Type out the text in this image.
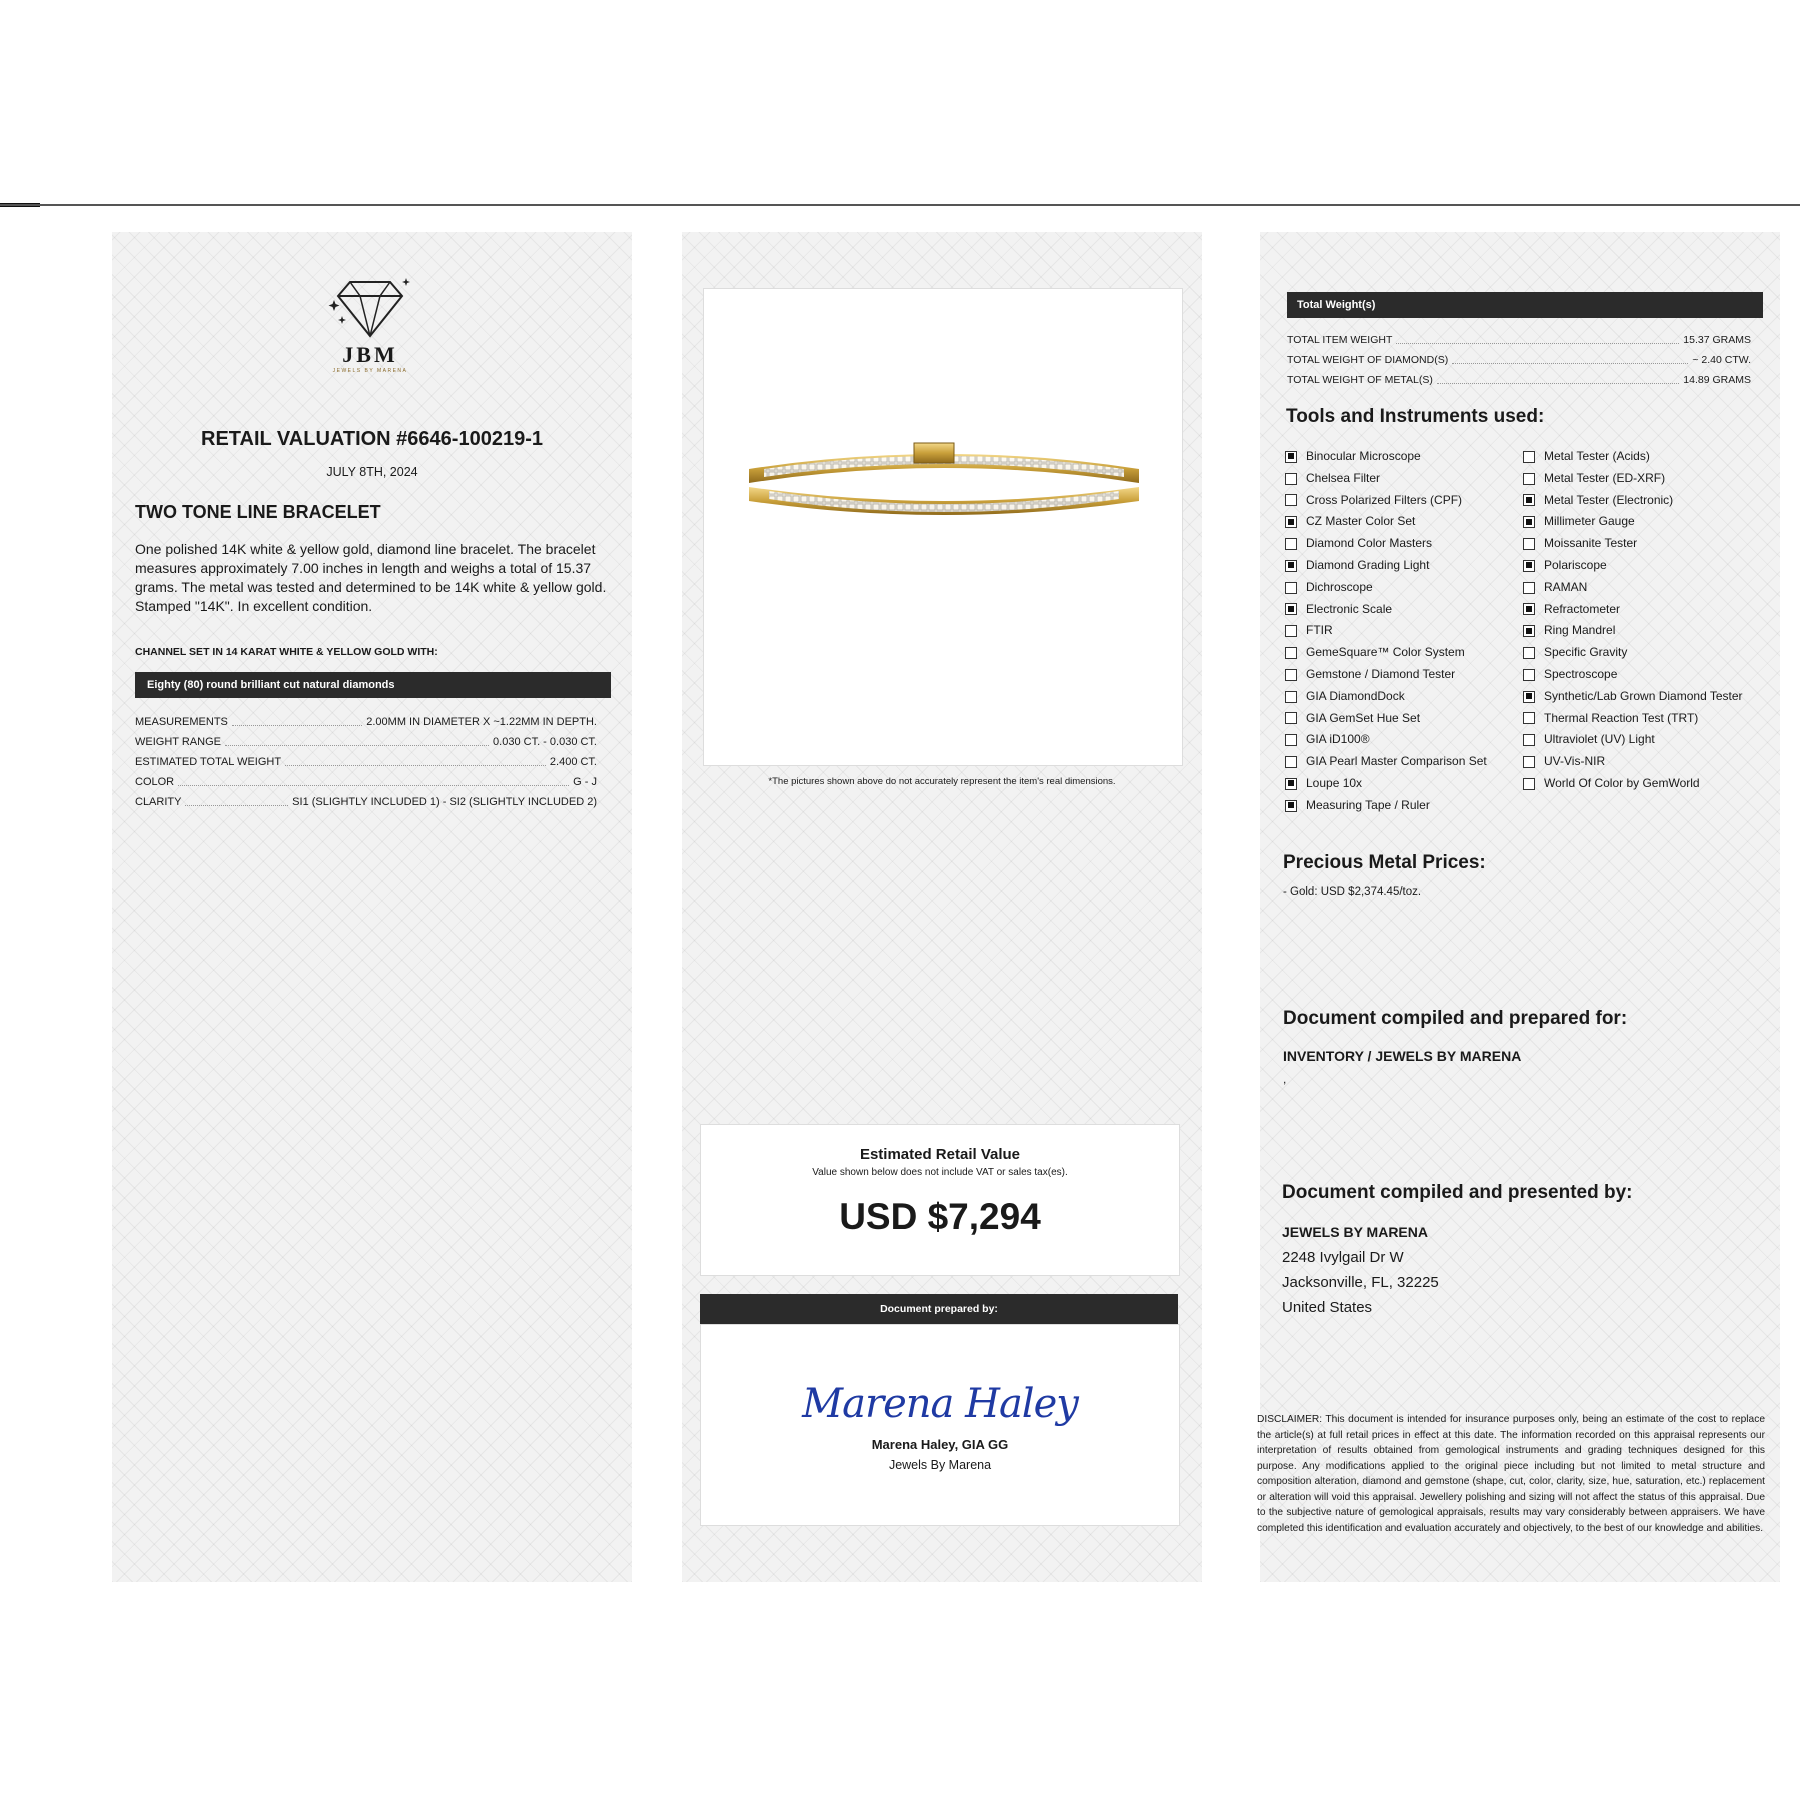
JBM
JEWELS BY MARENA
RETAIL VALUATION #6646-100219-1
JULY 8TH, 2024
TWO TONE LINE BRACELET
One polished 14K white & yellow gold, diamond line bracelet. The bracelet measures approximately 7.00 inches in length and weighs a total of 15.37 grams. The metal was tested and determined to be 14K white & yellow gold. Stamped "14K". In excellent condition.
CHANNEL SET IN 14 KARAT WHITE & YELLOW GOLD WITH:
Eighty (80) round brilliant cut natural diamonds
MEASUREMENTS	2.00MM IN DIAMETER X ~1.22MM IN DEPTH.
WEIGHT RANGE	0.030 CT. - 0.030 CT.
ESTIMATED TOTAL WEIGHT	2.400 CT.
COLOR	G - J
CLARITY	SI1 (SLIGHTLY INCLUDED 1) - SI2 (SLIGHTLY INCLUDED 2)
*The pictures shown above do not accurately represent the item's real dimensions.
Estimated Retail Value
Value shown below does not include VAT or sales tax(es).
USD $7,294
Document prepared by:
Marena Haley
Marena Haley, GIA GG
Jewels By Marena
Total Weight(s)
TOTAL ITEM WEIGHT	15.37 GRAMS
TOTAL WEIGHT OF DIAMOND(S)	~ 2.40 CTW.
TOTAL WEIGHT OF METAL(S)	14.89 GRAMS
Tools and Instruments used:
Binocular Microscope
Chelsea Filter
Cross Polarized Filters (CPF)
CZ Master Color Set
Diamond Color Masters
Diamond Grading Light
Dichroscope
Electronic Scale
FTIR
GemeSquare™ Color System
Gemstone / Diamond Tester
GIA DiamondDock
GIA GemSet Hue Set
GIA iD100®
GIA Pearl Master Comparison Set
Loupe 10x
Measuring Tape / Ruler
Metal Tester (Acids)
Metal Tester (ED-XRF)
Metal Tester (Electronic)
Millimeter Gauge
Moissanite Tester
Polariscope
RAMAN
Refractometer
Ring Mandrel
Specific Gravity
Spectroscope
Synthetic/Lab Grown Diamond Tester
Thermal Reaction Test (TRT)
Ultraviolet (UV) Light
UV-Vis-NIR
World Of Color by GemWorld
Precious Metal Prices:
- Gold: USD $2,374.45/toz.
Document compiled and prepared for:
INVENTORY / JEWELS BY MARENA
,
Document compiled and presented by:
JEWELS BY MARENA
2248 Ivylgail Dr W
Jacksonville, FL, 32225
United States
DISCLAIMER: This document is intended for insurance purposes only, being an estimate of the cost to replace the article(s) at full retail prices in effect at this date. The information recorded on this appraisal represents our interpretation of results obtained from gemological instruments and grading techniques designed for this purpose. Any modifications applied to the original piece including but not limited to metal structure and composition alteration, diamond and gemstone (shape, cut, color, clarity, size, hue, saturation, etc.) replacement or alteration will void this appraisal. Jewellery polishing and sizing will not affect the status of this appraisal. Due to the subjective nature of gemological appraisals, results may vary considerably between appraisers. We have completed this identification and evaluation accurately and objectively, to the best of our knowledge and abilities.
